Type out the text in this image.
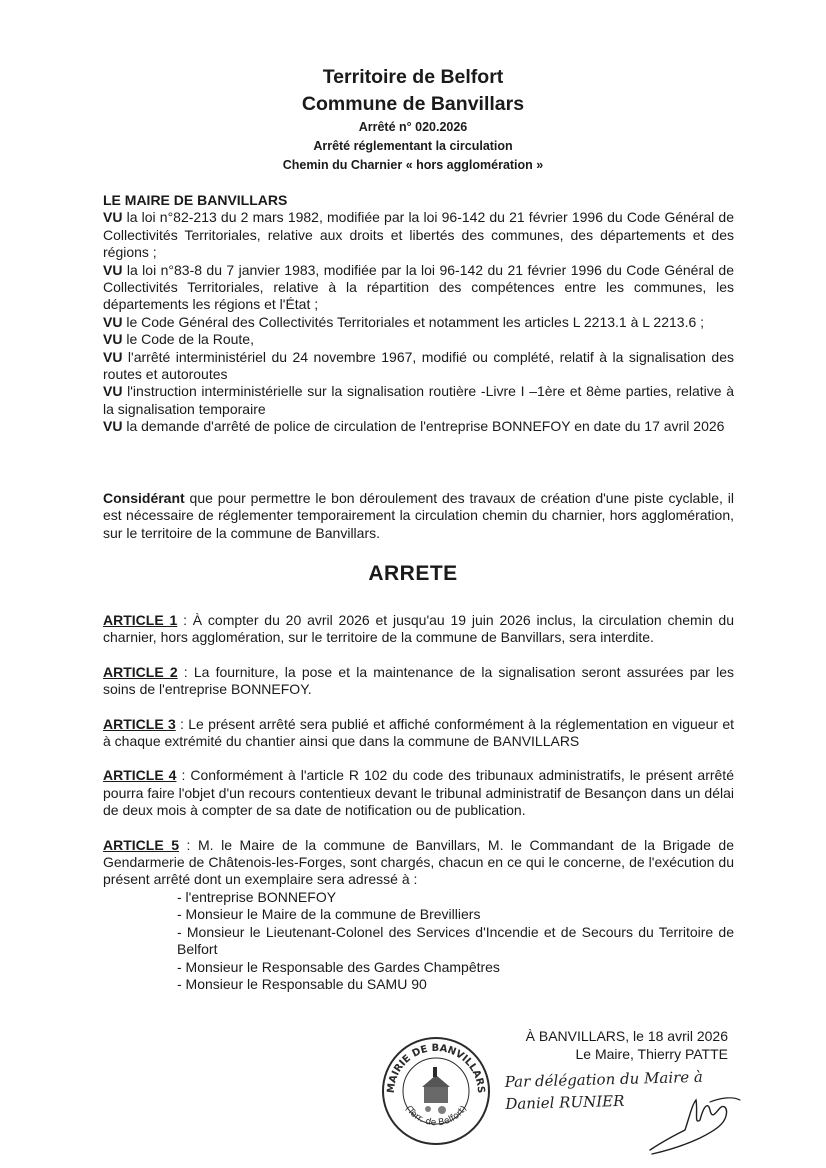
Territoire de Belfort
Commune de Banvillars
Arrêté n° 020.2026
Arrêté réglementant la circulation
Chemin du Charnier « hors agglomération »
LE MAIRE DE BANVILLARS
VU la loi n°82-213 du 2 mars 1982, modifiée par la loi 96-142 du 21 février 1996 du Code Général de Collectivités Territoriales, relative aux droits et libertés des communes, des départements et des régions ;
VU la loi n°83-8 du 7 janvier 1983, modifiée par la loi 96-142 du 21 février 1996 du Code Général de Collectivités Territoriales, relative à la répartition des compétences entre les communes, les départements les régions et l'État ;
VU le Code Général des Collectivités Territoriales et notamment les articles L 2213.1 à L 2213.6 ;
VU le Code de la Route,
VU l'arrêté interministériel du 24 novembre 1967, modifié ou complété, relatif à la signalisation des routes et autoroutes
VU l'instruction interministérielle sur la signalisation routière -Livre I –1ère et 8ème parties, relative à la signalisation temporaire
VU la demande d'arrêté de police de circulation de l'entreprise BONNEFOY en date du 17 avril 2026
Considérant que pour permettre le bon déroulement des travaux de création d'une piste cyclable, il est nécessaire de réglementer temporairement la circulation chemin du charnier, hors agglomération, sur le territoire de la commune de Banvillars.
ARRETE
ARTICLE 1 : À compter du 20 avril 2026 et jusqu'au 19 juin 2026 inclus, la circulation chemin du charnier, hors agglomération, sur le territoire de la commune de Banvillars, sera interdite.
ARTICLE 2 : La fourniture, la pose et la maintenance de la signalisation seront assurées par les soins de l'entreprise BONNEFOY.
ARTICLE 3 : Le présent arrêté sera publié et affiché conformément à la réglementation en vigueur et à chaque extrémité du chantier ainsi que dans la commune de BANVILLARS
ARTICLE 4 : Conformément à l'article R 102 du code des tribunaux administratifs, le présent arrêté pourra faire l'objet d'un recours contentieux devant le tribunal administratif de Besançon dans un délai de deux mois à compter de sa date de notification ou de publication.
ARTICLE 5 : M. le Maire de la commune de Banvillars, M. le Commandant de la Brigade de Gendarmerie de Châtenois-les-Forges, sont chargés, chacun en ce qui le concerne, de l'exécution du présent arrêté dont un exemplaire sera adressé à :
- l'entreprise BONNEFOY
- Monsieur le Maire de la commune de Brevilliers
- Monsieur le Lieutenant-Colonel des Services d'Incendie et de Secours du Territoire de Belfort
- Monsieur le Responsable des Gardes Champêtres
- Monsieur le Responsable du SAMU 90
MAIRIE DE BANVILLARS
(Terr. de Belfort)
À BANVILLARS, le 18 avril 2026
Le Maire, Thierry PATTE
Par délégation du Maire à
Daniel RUNIER
